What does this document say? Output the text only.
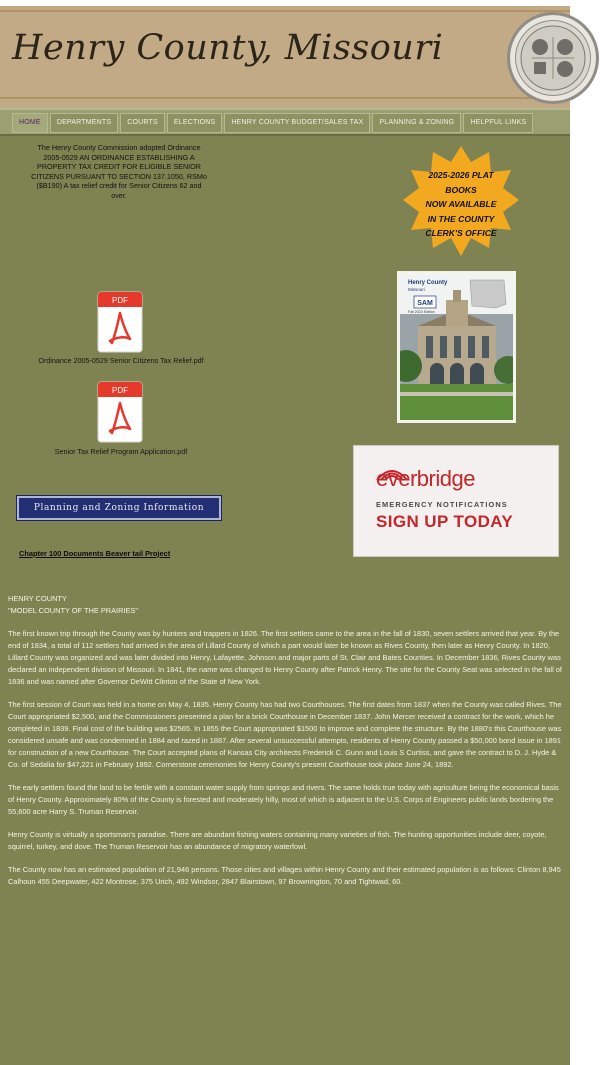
Henry County, Missouri
HOME	DEPARTMENTS	COURTS	ELECTIONS	HENRY COUNTY BUDGET/SALES TAX	PLANNING & ZONING	HELPFUL LINKS
The Henry County Commission adopted Ordinance 2005-0529 AN ORDINANCE ESTABLISHING A PROPERTY TAX CREDIT FOR ELIGIBLE SENIOR CITIZENS PURSUANT TO SECTION 137.1050, RSMo ($B190) A tax relief credit for Senior Citizens 62 and over.
PDF
Ordinance 2005-0529 Senior Citizens Tax Relief.pdf
PDF
Senior Tax Relief Program Application.pdf
Planning and Zoning Information
Chapter 100 Documents Beaver tail Project
2025-2026 PLAT
BOOKS
NOW AVAILABLE
IN THE COUNTY
CLERK'S OFFICE
Henry County
Missouri
SAM
Fall 2023 Edition
everbridge
EMERGENCY NOTIFICATIONS
SIGN UP TODAY

HENRY COUNTY

"MODEL COUNTY OF THE PRAIRIES"

The first known trip through the County was by hunters and trappers in 1826. The first settlers came to the area in the fall of 1830, seven settlers arrived that year. By the end of 1834, a total of 112 settlers had arrived in the area of Lillard County of which a part would later be known as Rives County, then later as Henry County. In 1820, Lillard County was organized and was later divided into Henry, Lafayette, Johnson and major parts of St. Clair and Bates Counties. In December 1836, Rives County was declared an independent division of Missouri. In 1841, the name was changed to Henry County after Patrick Henry. The site for the County Seat was selected in the fall of 1836 and was named after Governor DeWitt Clinton of the State of New York.

The first session of Court was held in a home on May 4, 1835. Henry County has had two Courthouses. The first dates from 1837 when the County was called Rives. The Court appropriated $2,500, and the Commissioners presented a plan for a brick Courthouse in December 1837. John Mercer received a contract for the work, which he completed in 1839. Final cost of the building was $2565. In 1855 the Court appropriated $1500 to improve and complete the structure. By the 1880's this Courthouse was considered unsafe and was condemned in 1884 and razed in 1887. After several unsuccessful attempts, residents of Henry County passed a $50,000 bond issue in 1891 for construction of a new Courthouse. The Court accepted plans of Kansas City architects Frederick C. Gunn and Louis S Curtiss, and gave the contract to D. J. Hyde & Co. of Sedalia for $47,221 in February 1892. Cornerstone ceremonies for Henry County's present Courthouse took place June 24, 1892.

The early settlers found the land to be fertile with a constant water supply from springs and rivers. The same holds true today with agriculture being the economical basis of Henry County. Approximately 80% of the County is forested and moderately hilly, most of which is adjacent to the U.S. Corps of Engineers public lands bordering the 55,600 acre Harry S. Truman Reservoir.

Henry County is virtually a sportsman's paradise. There are abundant fishing waters containing many varieties of fish. The hunting opportunities include deer, coyote, squirrel, turkey, and dove. The Truman Reservoir has an abundance of migratory waterfowl.

The County now has an estimated population of 21,946 persons. Those cities and villages within Henry County and their estimated population is as follows: Clinton 8,945 Calhoun 455 Deepwater, 422 Montrose, 375 Urich, 492 Windsor, 2847 Blairstown, 97 Brownington, 70 and Tightwad, 60.
